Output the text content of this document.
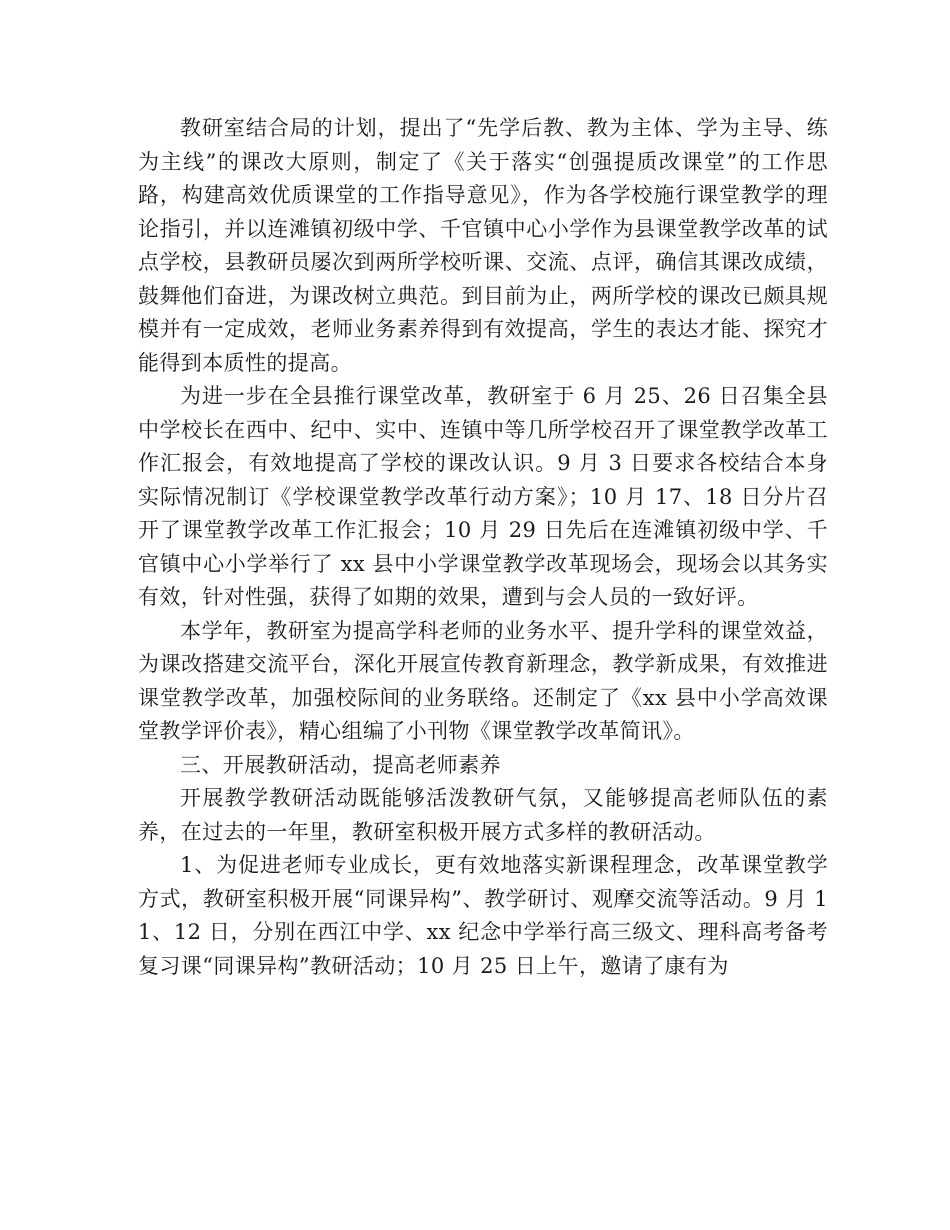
教研室结合局的计划，提出了“先学后教、教为主体、学为主导、练为主线”的课改大原则，制定了《关于落实“创强提质改课堂”的工作思路，构建高效优质课堂的工作指导意见》，作为各学校施行课堂教学的理论指引，并以连滩镇初级中学、千官镇中心小学作为县课堂教学改革的试点学校，县教研员屡次到两所学校听课、交流、点评，确信其课改成绩，鼓舞他们奋进，为课改树立典范。到目前为止，两所学校的课改已颇具规模并有一定成效，老师业务素养得到有效提高，学生的表达才能、探究才能得到本质性的提高。

为进一步在全县推行课堂改革，教研室于 6 月 25、26 日召集全县中学校长在西中、纪中、实中、连镇中等几所学校召开了课堂教学改革工作汇报会，有效地提高了学校的课改认识。9 月 3 日要求各校结合本身实际情况制订《学校课堂教学改革行动方案》；10 月 17、18 日分片召开了课堂教学改革工作汇报会；10 月 29 日先后在连滩镇初级中学、千官镇中心小学举行了 xx 县中小学课堂教学改革现场会，现场会以其务实有效，针对性强，获得了如期的效果，遭到与会人员的一致好评。

本学年，教研室为提高学科老师的业务水平、提升学科的课堂效益，为课改搭建交流平台，深化开展宣传教育新理念，教学新成果，有效推进课堂教学改革，加强校际间的业务联络。还制定了《xx 县中小学高效课堂教学评价表》，精心组编了小刊物《课堂教学改革简讯》。

三、开展教研活动，提高老师素养

开展教学教研活动既能够活泼教研气氛，又能够提高老师队伍的素养，在过去的一年里，教研室积极开展方式多样的教研活动。

1、为促进老师专业成长，更有效地落实新课程理念，改革课堂教学方式，教研室积极开展“同课异构”、教学研讨、观摩交流等活动。9 月 11、12 日，分别在西江中学、xx 纪念中学举行高三级文、理科高考备考复习课“同课异构”教研活动；10 月 25 日上午，邀请了康有为
